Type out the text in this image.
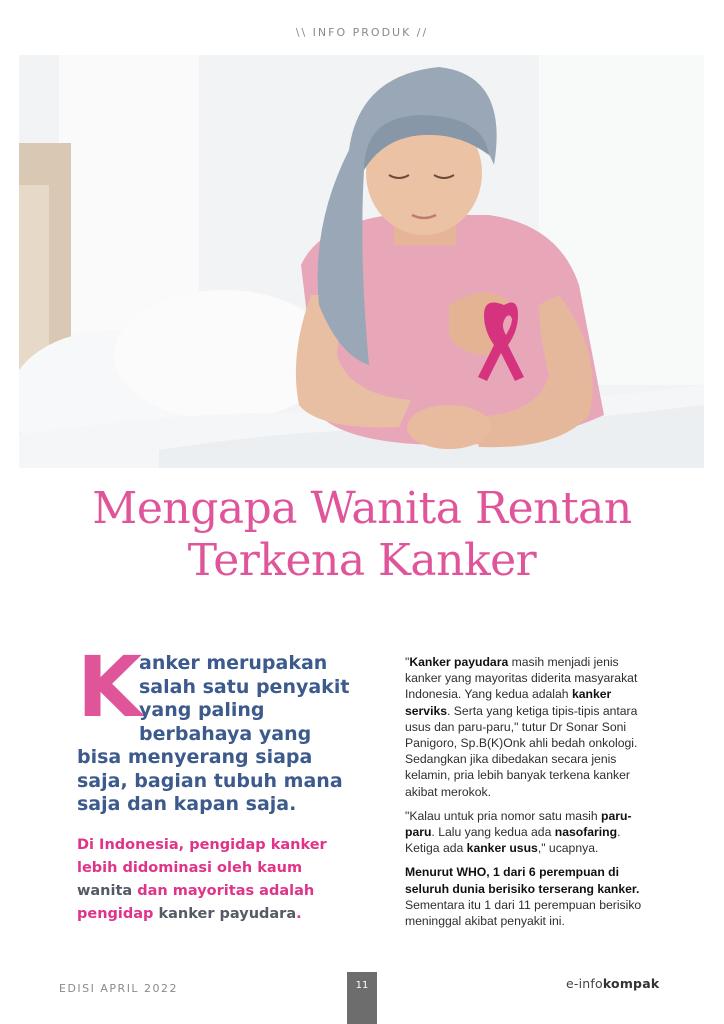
\\ INFO PRODUK //
Mengapa Wanita Rentan
Terkena Kanker
K
anker merupakan salah satu penyakit yang paling berbahaya yang bisa menyerang siapa saja, bagian tubuh mana saja dan kapan saja.
Di Indonesia, pengidap kanker lebih didominasi oleh kaum wanita dan mayoritas adalah pengidap kanker payudara.

"Kanker payudara masih menjadi jenis kanker yang mayoritas diderita masyarakat Indonesia. Yang kedua adalah kanker serviks. Serta yang ketiga tipis-tipis antara usus dan paru-paru," tutur Dr Sonar Soni Panigoro, Sp.B(K)Onk ahli bedah onkologi. Sedangkan jika dibedakan secara jenis kelamin, pria lebih banyak terkena kanker akibat merokok.

"Kalau untuk pria nomor satu masih paru-paru. Lalu yang kedua ada nasofaring. Ketiga ada kanker usus," ucapnya.

Menurut WHO, 1 dari 6 perempuan di seluruh dunia berisiko terserang kanker. Sementara itu 1 dari 11 perempuan berisiko meninggal akibat penyakit ini.

EDISI APRIL 2022	11	e-infokompak
